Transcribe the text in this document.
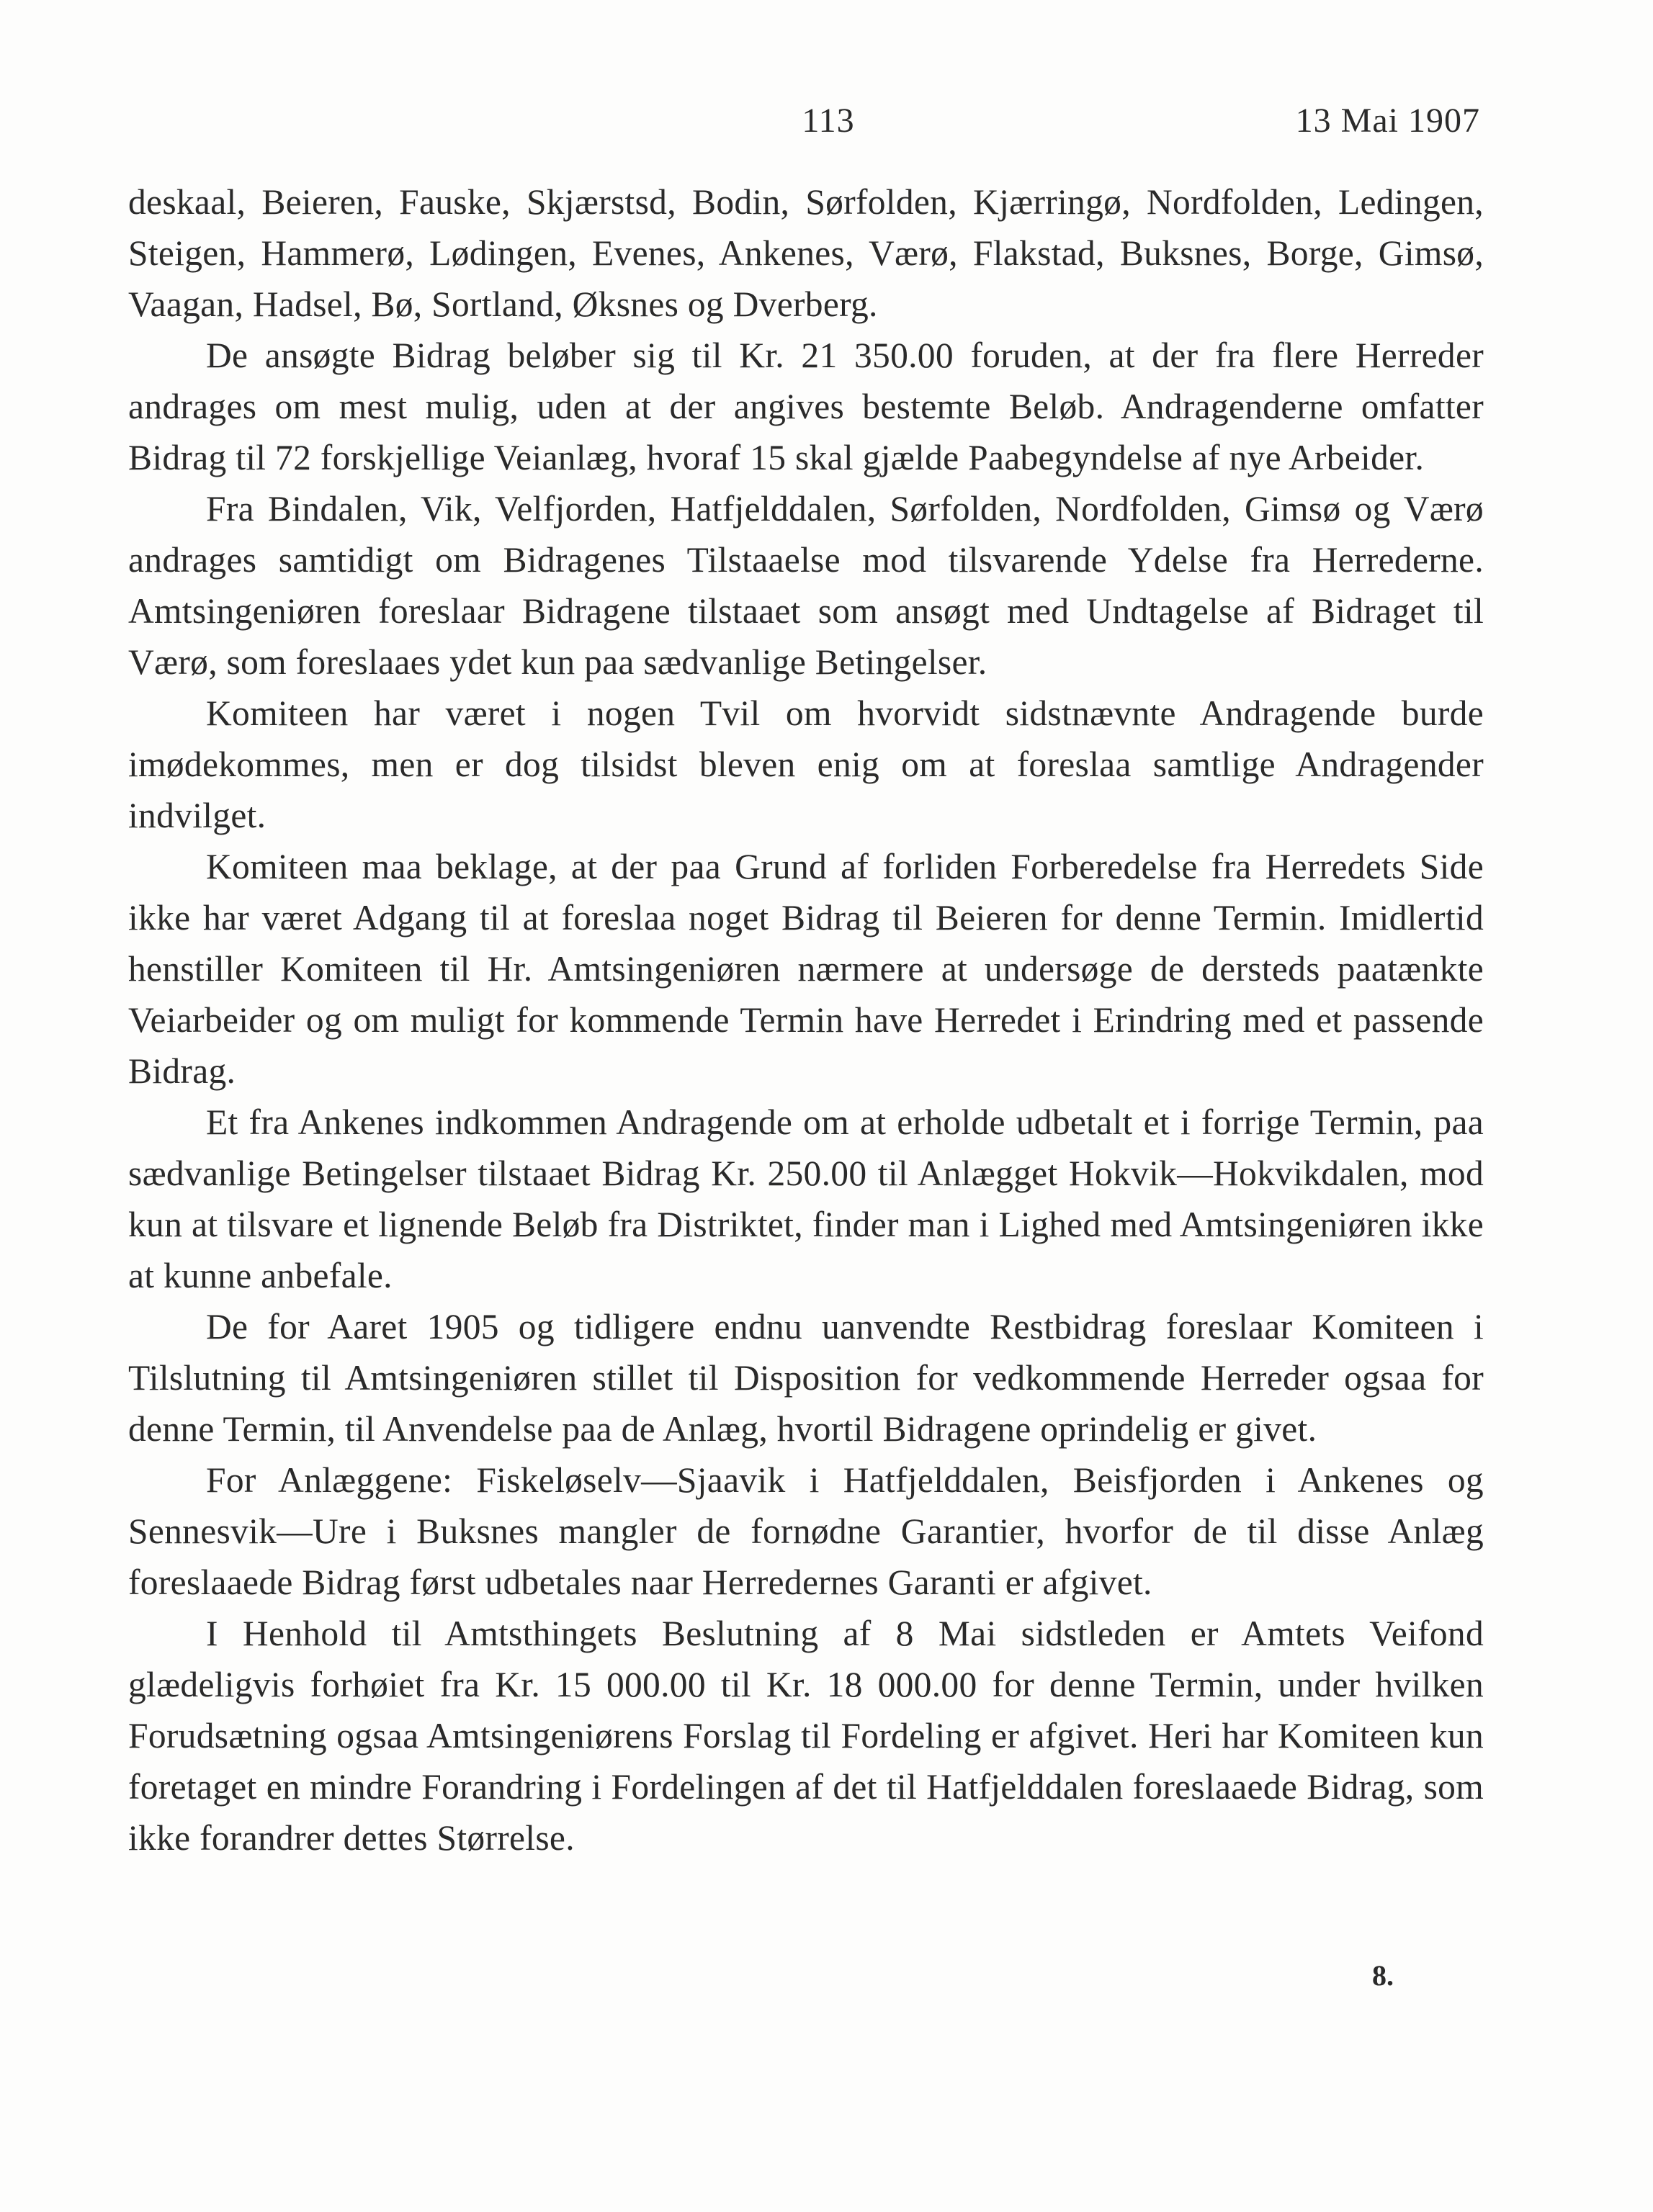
113	13 Mai 1907

deskaal, Beieren, Fauske, Skjærstsd, Bodin, Sørfolden, Kjærringø, Nordfolden, Ledingen, Steigen, Hammerø, Lødingen, Evenes, Ankenes, Værø, Flakstad, Buksnes, Borge, Gimsø, Vaagan, Hadsel, Bø, Sortland, Øksnes og Dverberg.

De ansøgte Bidrag beløber sig til Kr. 21 350.00 foruden, at der fra flere Herreder andrages om mest mulig, uden at der angives bestemte Beløb. Andragenderne omfatter Bidrag til 72 forskjellige Veianlæg, hvoraf 15 skal gjælde Paabegyndelse af nye Arbeider.

Fra Bindalen, Vik, Velfjorden, Hatfjelddalen, Sørfolden, Nordfolden, Gimsø og Værø andrages samtidigt om Bidragenes Tilstaaelse mod tilsvarende Ydelse fra Herrederne. Amtsingeniøren foreslaar Bidragene tilstaaet som ansøgt med Undtagelse af Bidraget til Værø, som foreslaaes ydet kun paa sædvanlige Betingelser.

Komiteen har været i nogen Tvil om hvorvidt sidstnævnte Andragende burde imødekommes, men er dog tilsidst bleven enig om at foreslaa samtlige Andragender indvilget.

Komiteen maa beklage, at der paa Grund af forliden Forberedelse fra Herredets Side ikke har været Adgang til at foreslaa noget Bidrag til Beieren for denne Termin. Imidlertid henstiller Komiteen til Hr. Amtsingeniøren nærmere at undersøge de dersteds paatænkte Veiarbeider og om muligt for kommende Termin have Herredet i Erindring med et passende Bidrag.

Et fra Ankenes indkommen Andragende om at erholde udbetalt et i forrige Termin, paa sædvanlige Betingelser tilstaaet Bidrag Kr. 250.00 til Anlægget Hokvik—Hokvikdalen, mod kun at tilsvare et lignende Beløb fra Distriktet, finder man i Lighed med Amtsingeniøren ikke at kunne anbefale.

De for Aaret 1905 og tidligere endnu uanvendte Restbidrag foreslaar Komiteen i Tilslutning til Amtsingeniøren stillet til Disposition for vedkommende Herreder ogsaa for denne Termin, til Anvendelse paa de Anlæg, hvortil Bidragene oprindelig er givet.

For Anlæggene: Fiskeløselv—Sjaavik i Hatfjelddalen, Beisfjorden i Ankenes og Sennesvik—Ure i Buksnes mangler de fornødne Garantier, hvorfor de til disse Anlæg foreslaaede Bidrag først udbetales naar Herredernes Garanti er afgivet.

I Henhold til Amtsthingets Beslutning af 8 Mai sidstleden er Amtets Veifond glædeligvis forhøiet fra Kr. 15 000.00 til Kr. 18 000.00 for denne Termin, under hvilken Forudsætning ogsaa Amtsingeniørens Forslag til Fordeling er afgivet. Heri har Komiteen kun foretaget en mindre Forandring i Fordelingen af det til Hatfjelddalen foreslaaede Bidrag, som ikke forandrer dettes Størrelse.

8.
